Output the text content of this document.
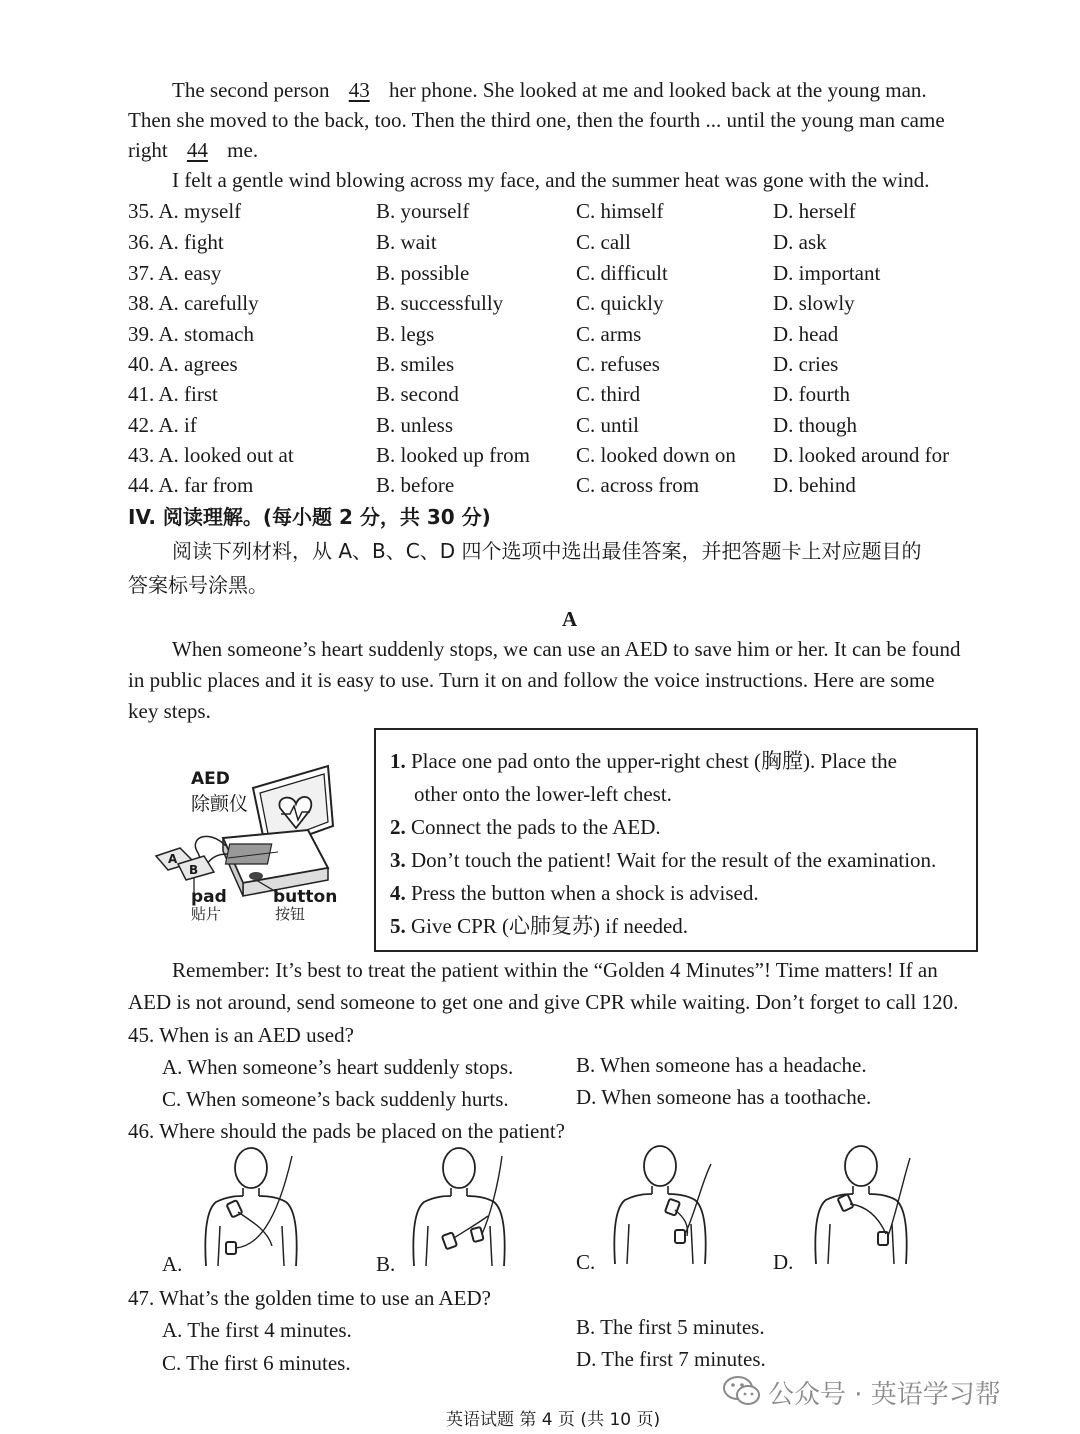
The second person 43 her phone. She looked at me and looked back at the young man.
Then she moved to the back, too. Then the third one, then the fourth ... until the young man came
right 44 me.
I felt a gentle wind blowing across my face, and the summer heat was gone with the wind.
35. A. myself	B. yourself	C. himself	D. herself
36. A. fight	B. wait	C. call	D. ask
37. A. easy	B. possible	C. difficult	D. important
38. A. carefully	B. successfully	C. quickly	D. slowly
39. A. stomach	B. legs	C. arms	D. head
40. A. agrees	B. smiles	C. refuses	D. cries
41. A. first	B. second	C. third	D. fourth
42. A. if	B. unless	C. until	D. though
43. A. looked out at	B. looked up from C. looked down on D. looked around for
44. A. far from	B. before	C. across from	D. behind
IV. 阅读理解。(每小题 2 分，共 30 分)
阅读下列材料，从 A、B、C、D 四个选项中选出最佳答案，并把答题卡上对应题目的
答案标号涂黑。
A
When someone’s heart suddenly stops, we can use an AED to save him or her. It can be found
in public places and it is easy to use. Turn it on and follow the voice instructions. Here are some
key steps.
AED
除颤仪
A
B
pad
贴片
button
按钮
1. Place one pad onto the upper-right chest (胸膛). Place the
other onto the lower-left chest.
2. Connect the pads to the AED.
3. Don’t touch the patient! Wait for the result of the examination.
4. Press the button when a shock is advised.
5. Give CPR (心肺复苏) if needed.
Remember: It’s best to treat the patient within the “Golden 4 Minutes”! Time matters! If an
AED is not around, send someone to get one and give CPR while waiting. Don’t forget to call 120.
45. When is an AED used?
A. When someone’s heart suddenly stops.	B. When someone has a headache.
C. When someone’s back suddenly hurts.	D. When someone has a toothache.
46. Where should the pads be placed on the patient?
A.	B.	C.	D.
47. What’s the golden time to use an AED?
A. The first 4 minutes.	B. The first 5 minutes.
C. The first 6 minutes.	D. The first 7 minutes.
公众号 · 英语学习帮
英语试题 第 4 页 (共 10 页)
